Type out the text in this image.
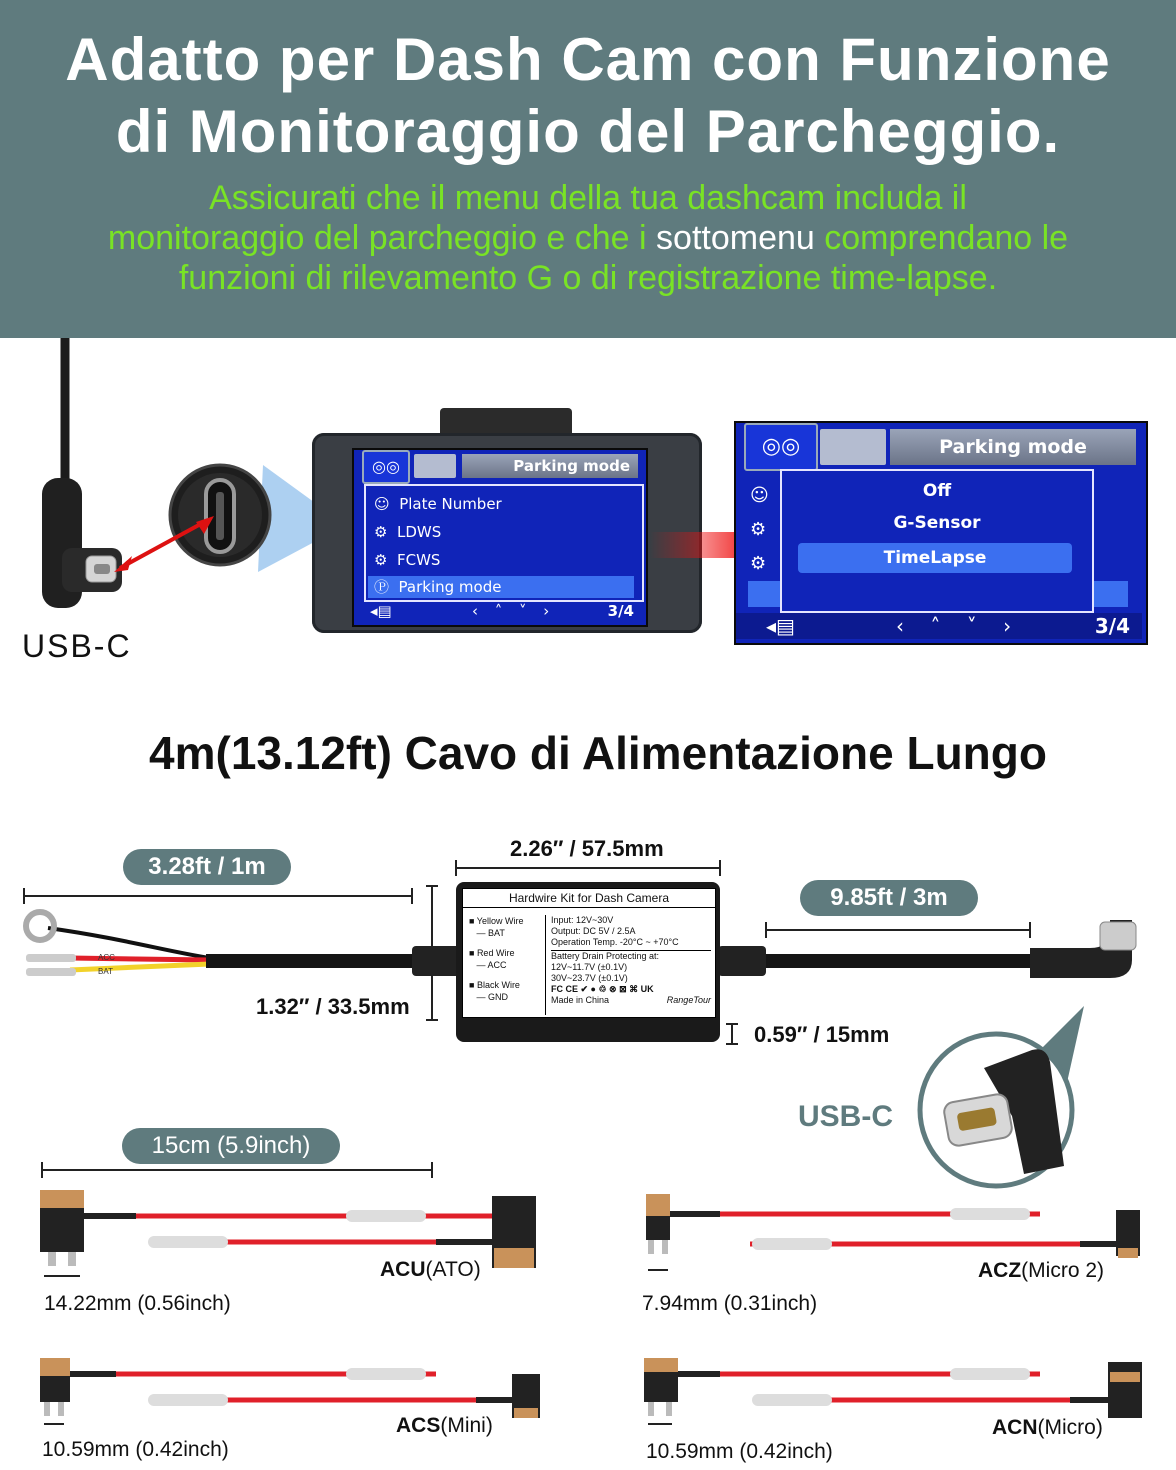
Adatto per Dash Cam con Funzione
di Monitoraggio del Parcheggio.
Assicurati che il menu della tua dashcam includa il
monitoraggio del parcheggio e che i sottomenu comprendano le
funzioni di rilevamento G o di registrazione time-lapse.
USB-C
◎◎	Parking mode
☺  Plate Number
⚙  LDWS
⚙  FCWS
Ⓟ  Parking mode
◂▤	‹ ˄ ˅ ›	3/4
◎◎	Parking mode
☺
⚙
⚙
Off
G-Sensor
TimeLapse
◂▤	‹ ˄ ˅ ›	3/4
4m(13.12ft) Cavo di Alimentazione Lungo
3.28ft / 1m
9.85ft / 3m
2.26″ / 57.5mm
1.32″ / 33.5mm
0.59″ / 15mm
ACC
BAT
Hardwire Kit for Dash Camera
■ Yellow Wire
— BAT
■ Red Wire
— ACC
■ Black Wire
— GND
Input: 12V~30V
Output: DC 5V / 2.5A
Operation Temp. -20°C ~ +70°C
Battery Drain Protecting at:
12V~11.7V (±0.1V)
30V~23.7V (±0.1V)
FC CE ✔ ● ♲ ⊗ ⊠ ⌘ UK
Made in China	RangeTour
USB-C
15cm (5.9inch)
ACU(ATO)
14.22mm (0.56inch)
ACZ(Micro 2)
7.94mm (0.31inch)
ACS(Mini)
10.59mm (0.42inch)
ACN(Micro)
10.59mm (0.42inch)
